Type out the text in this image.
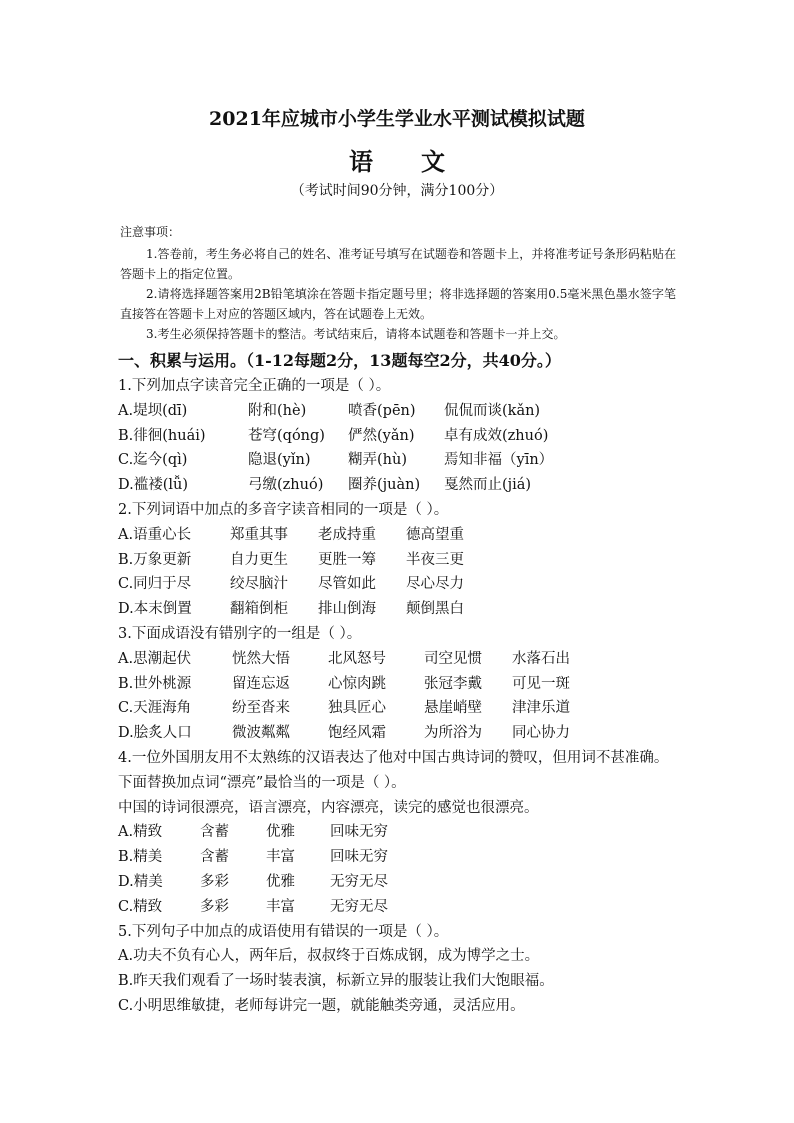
2021年应城市小学生学业水平测试模拟试题
语文
（考试时间90分钟，满分100分）
注意事项：

1.答卷前，考生务必将自己的姓名、准考证号填写在试题卷和答题卡上，并将准考证号条形码粘贴在答题卡上的指定位置。

2.请将选择题答案用2B铅笔填涂在答题卡指定题号里；将非选择题的答案用0.5毫米黑色墨水签字笔直接答在答题卡上对应的答题区域内，答在试题卷上无效。

3.考生必须保持答题卡的整洁。考试结束后，请将本试题卷和答题卡一并上交。

一、积累与运用。（1-12每题2分，13题每空2分，共40分。）
1.下列加点字读音完全正确的一项是（ ）。
A.堤坝(dī)	附和(hè)	喷香(pēn) 侃侃而谈(kǎn)
B.徘徊(huái)	苍穹(qóng) 俨然(yǎn) 卓有成效(zhuó)
C.迄今(qì)	隐退(yǐn)	糊弄(hù)	焉知非福（yīn）
D.褴褛(lǚ)	弓缴(zhuó) 圈养(juàn) 戛然而止(jiá)
2.下列词语中加点的多音字读音相同的一项是（ ）。
A.语重心长	郑重其事 老成持重 德高望重
B.万象更新	自力更生 更胜一筹 半夜三更
C.同归于尽	绞尽脑汁 尽管如此 尽心尽力
D.本末倒置	翻箱倒柜 排山倒海 颠倒黑白
3.下面成语没有错别字的一组是（ ）。
A.思潮起伏	恍然大悟	北风怒号	司空见惯 水落石出
B.世外桃源	留连忘返	心惊肉跳	张冠李戴 可见一斑
C.天涯海角	纷至沓来	独具匠心	悬崖峭壁 津津乐道
D.脍炙人口	微波粼粼	饱经风霜	为所浴为 同心协力
4.一位外国朋友用不太熟练的汉语表达了他对中国古典诗词的赞叹，但用词不甚准确。下面替换加点词“漂亮”最恰当的一项是（ ）。
中国的诗词很漂亮，语言漂亮，内容漂亮，读完的感觉也很漂亮。
A.精致	含蓄	优雅 回味无穷
B.精美	含蓄	丰富 回味无穷
D.精美	多彩	优雅 无穷无尽
C.精致	多彩	丰富 无穷无尽
5.下列句子中加点的成语使用有错误的一项是（ ）。
A.功夫不负有心人，两年后，叔叔终于百炼成钢，成为博学之士。
B.昨天我们观看了一场时装表演，标新立异的服装让我们大饱眼福。
C.小明思维敏捷，老师每讲完一题，就能触类旁通，灵活应用。
